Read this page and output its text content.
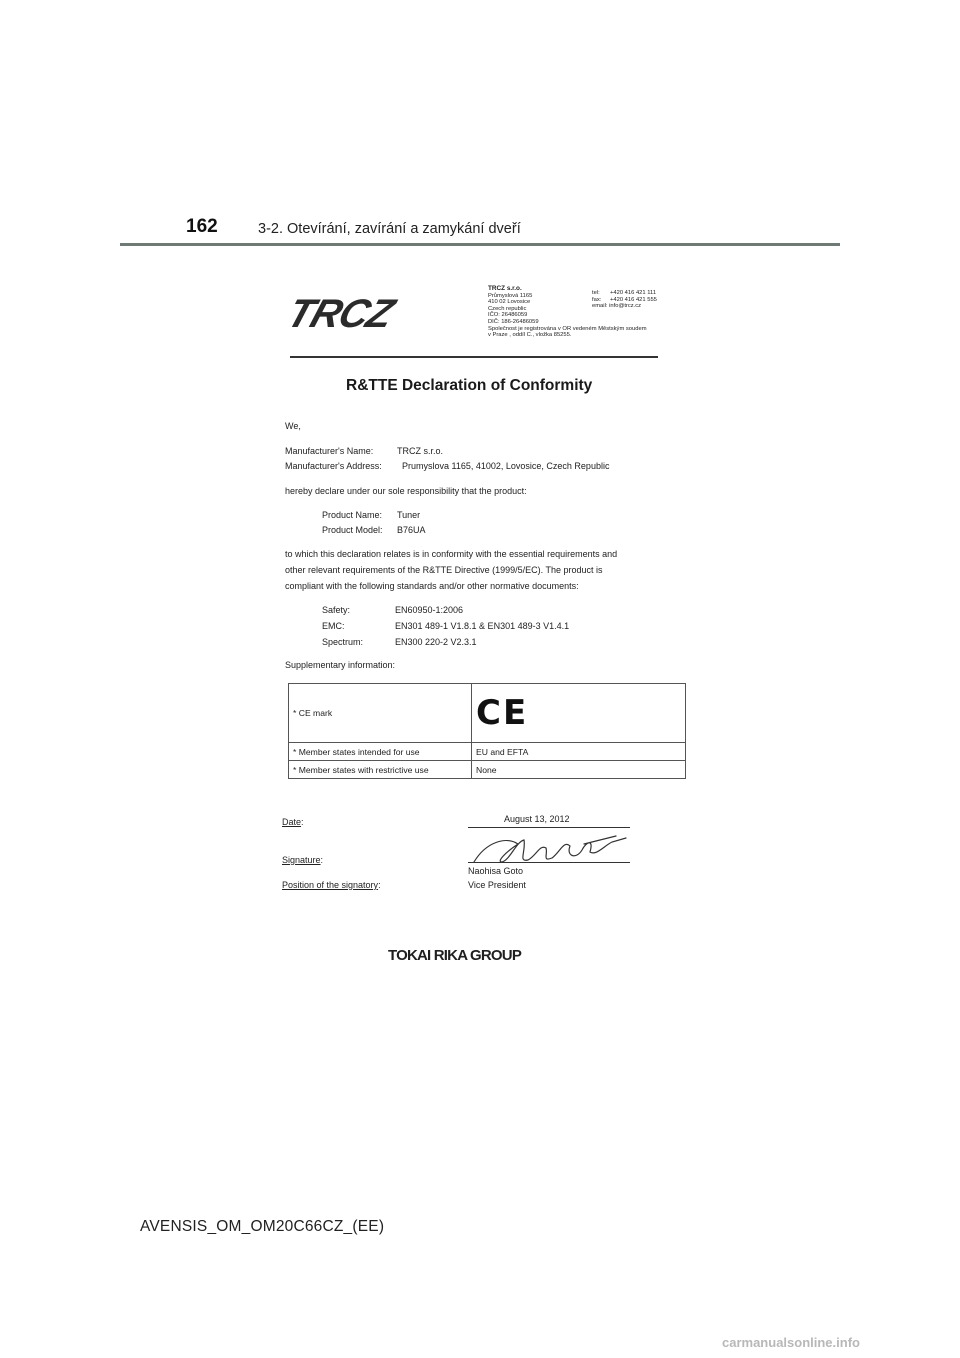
162	3-2. Otevírání, zavírání a zamykání dveří
TRCZ
TRCZ s.r.o.
Průmyslová 1165
410 02 Lovosice
Czech republic
IČO: 26486059
DIČ: 186-26486059
Společnost je registrována v OR vedeném Městským soudem
v Praze , oddíl C., vložka 85255.
tel: +420 416 421 111
fax: +420 416 421 555
email: info@trcz.cz
R&TTE Declaration of Conformity
We,
Manufacturer's Name:	TRCZ s.r.o.
Manufacturer's Address: Prumyslova 1165, 41002, Lovosice, Czech Republic
hereby declare under our sole responsibility that the product:
Product Name: Tuner
Product Model: B76UA
to which this declaration relates is in conformity with the essential requirements and
other relevant requirements of the R&TTE Directive (1999/5/EC). The product is
compliant with the following standards and/or other normative documents:
Safety:	EN60950-1:2006
EMC:	EN301 489-1 V1.8.1 & EN301 489-3 V1.4.1
Spectrum:	EN300 220-2 V2.3.1
Supplementary information:
* CE mark	CE
* Member states intended for use	EU and EFTA
* Member states with restrictive use	None
Date:	August 13, 2012
Signature:
Naohisa Goto
Position of the signatory:	Vice President
TOKAI RIKA GROUP
AVENSIS_OM_OM20C66CZ_(EE)
carmanualsonline.info
